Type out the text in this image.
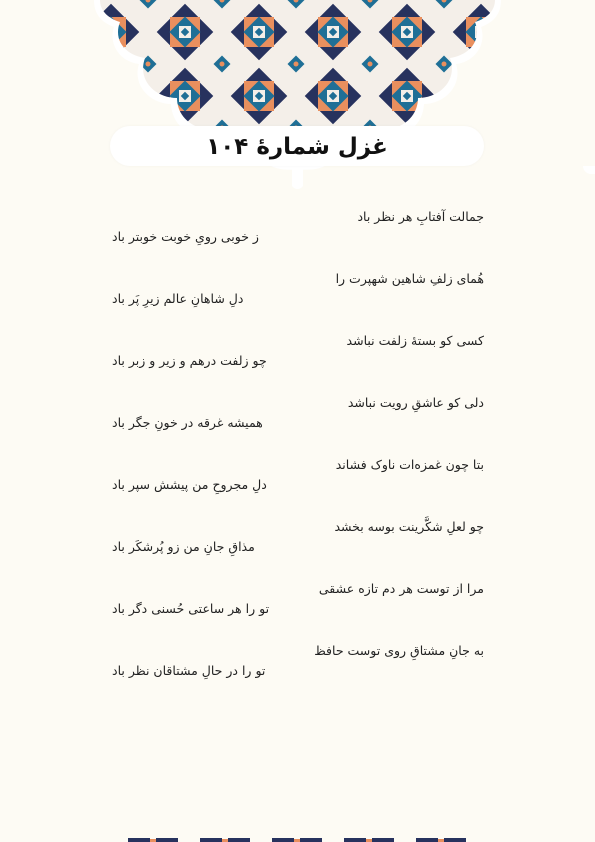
غزل شمارهٔ ۱۰۴
جمالت آفتابِ هر نظر باد
ز خوبی رویِ خوبت خوبتر باد
هُمای زلفِ شاهین شهپرت را
دلِ شاهانِ عالم زیرِ پَر باد
کسی کو بستهٔ زلفت نباشد
چو زلفت درهم و زیر و زبر باد
دلی کو عاشقِ رویت نباشد
همیشه غرقه در خونِ جگر باد
بتا چون غمزه‌ات ناوک فشاند
دلِ مجروحِ من پیشش سپر باد
چو لعلِ شکَّرینت بوسه بخشد
مذاقِ جانِ من زو پُرشکَر باد
مرا از توست هر دم تازه عشقی
تو را هر ساعتی حُسنی دگر باد
به جانِ مشتاقِ روی توست حافظ
تو را در حالِ مشتاقان نظر باد
